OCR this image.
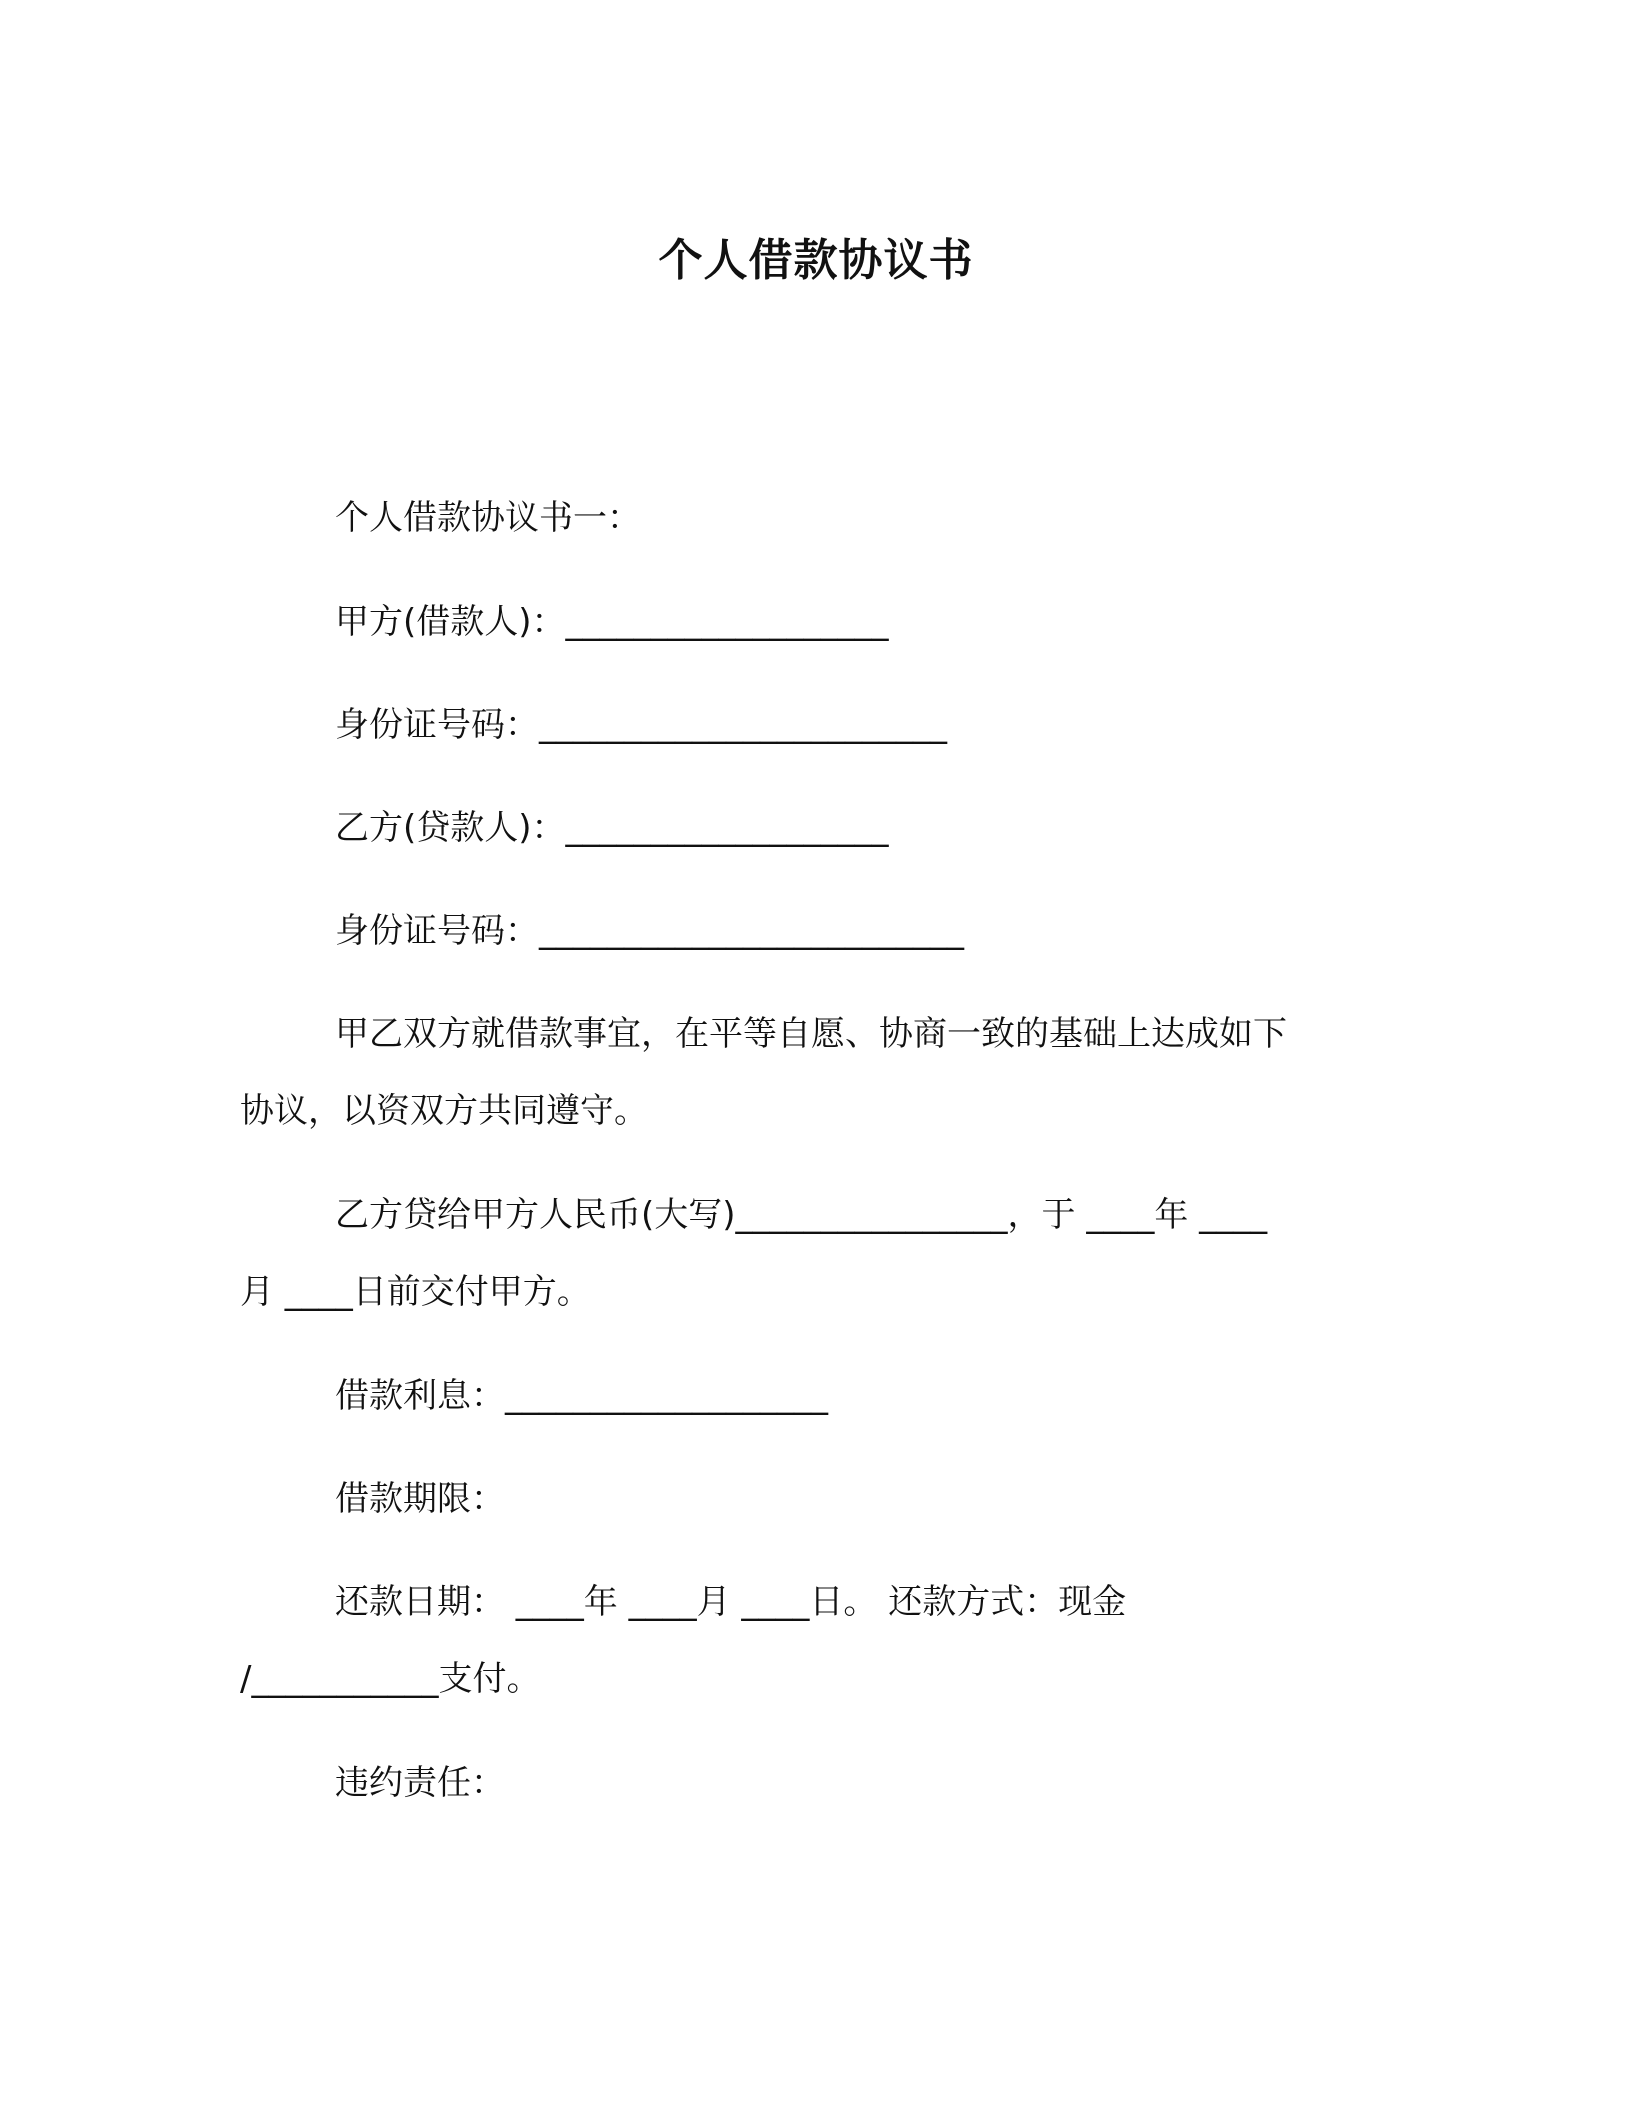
个人借款协议书
个人借款协议书一：
甲方(借款人)：___________________
身份证号码：________________________
乙方(贷款人)：___________________
身份证号码：_________________________
甲乙双方就借款事宜，在平等自愿、协商一致的基础上达成如下
协议，以资双方共同遵守。
乙方贷给甲方人民币(大写)________________，于 ____年 ____
月 ____日前交付甲方。
借款利息：___________________
借款期限：
还款日期： ____年 ____月 ____日。 还款方式：现金
/___________支付。
违约责任：
